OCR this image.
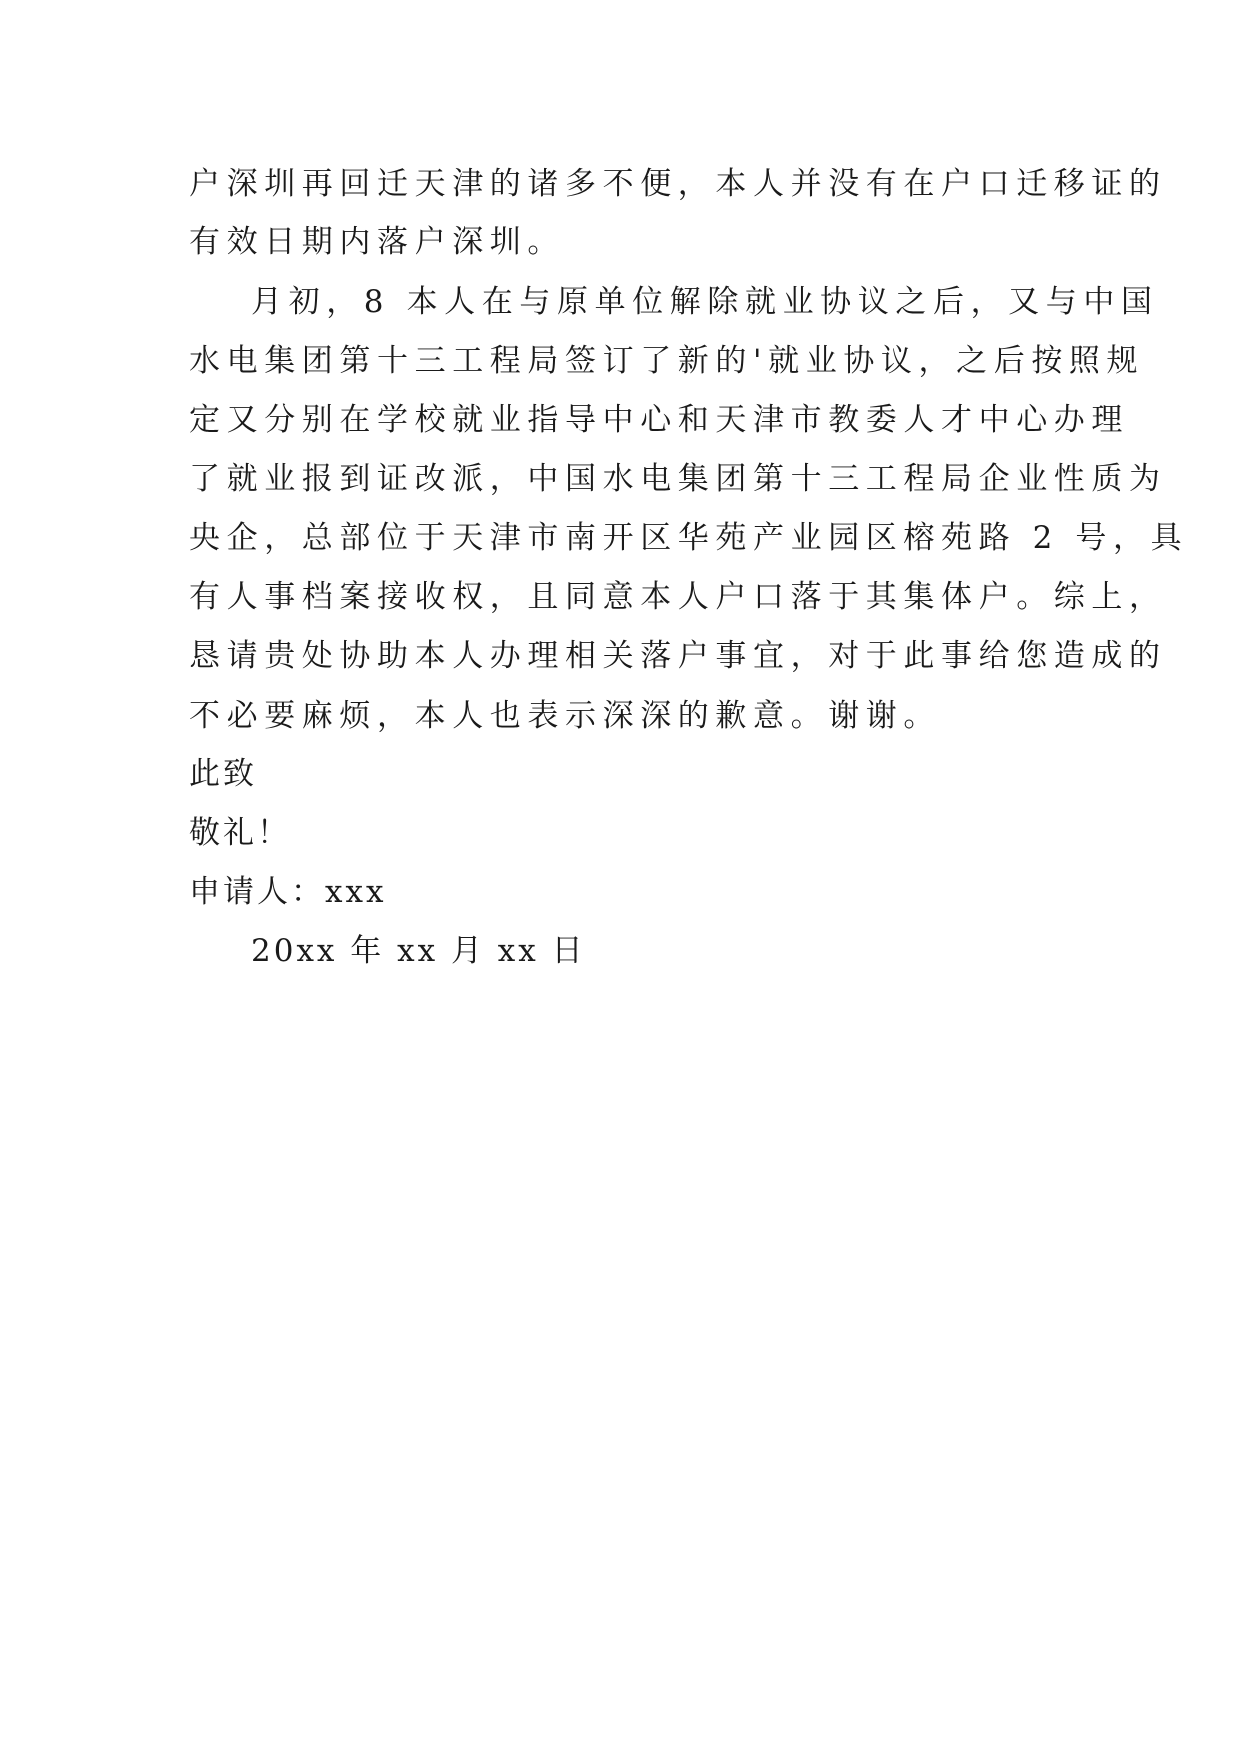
户深圳再回迁天津的诸多不便，本人并没有在户口迁移证的
有效日期内落户深圳。
月初，8 本人在与原单位解除就业协议之后，又与中国
水电集团第十三工程局签订了新的'就业协议，之后按照规
定又分别在学校就业指导中心和天津市教委人才中心办理
了就业报到证改派，中国水电集团第十三工程局企业性质为
央企，总部位于天津市南开区华苑产业园区榕苑路 2 号，具
有人事档案接收权，且同意本人户口落于其集体户。综上，
恳请贵处协助本人办理相关落户事宜，对于此事给您造成的
不必要麻烦，本人也表示深深的歉意。谢谢。
此致
敬礼！
申请人：xxx
20xx 年 xx 月 xx 日
